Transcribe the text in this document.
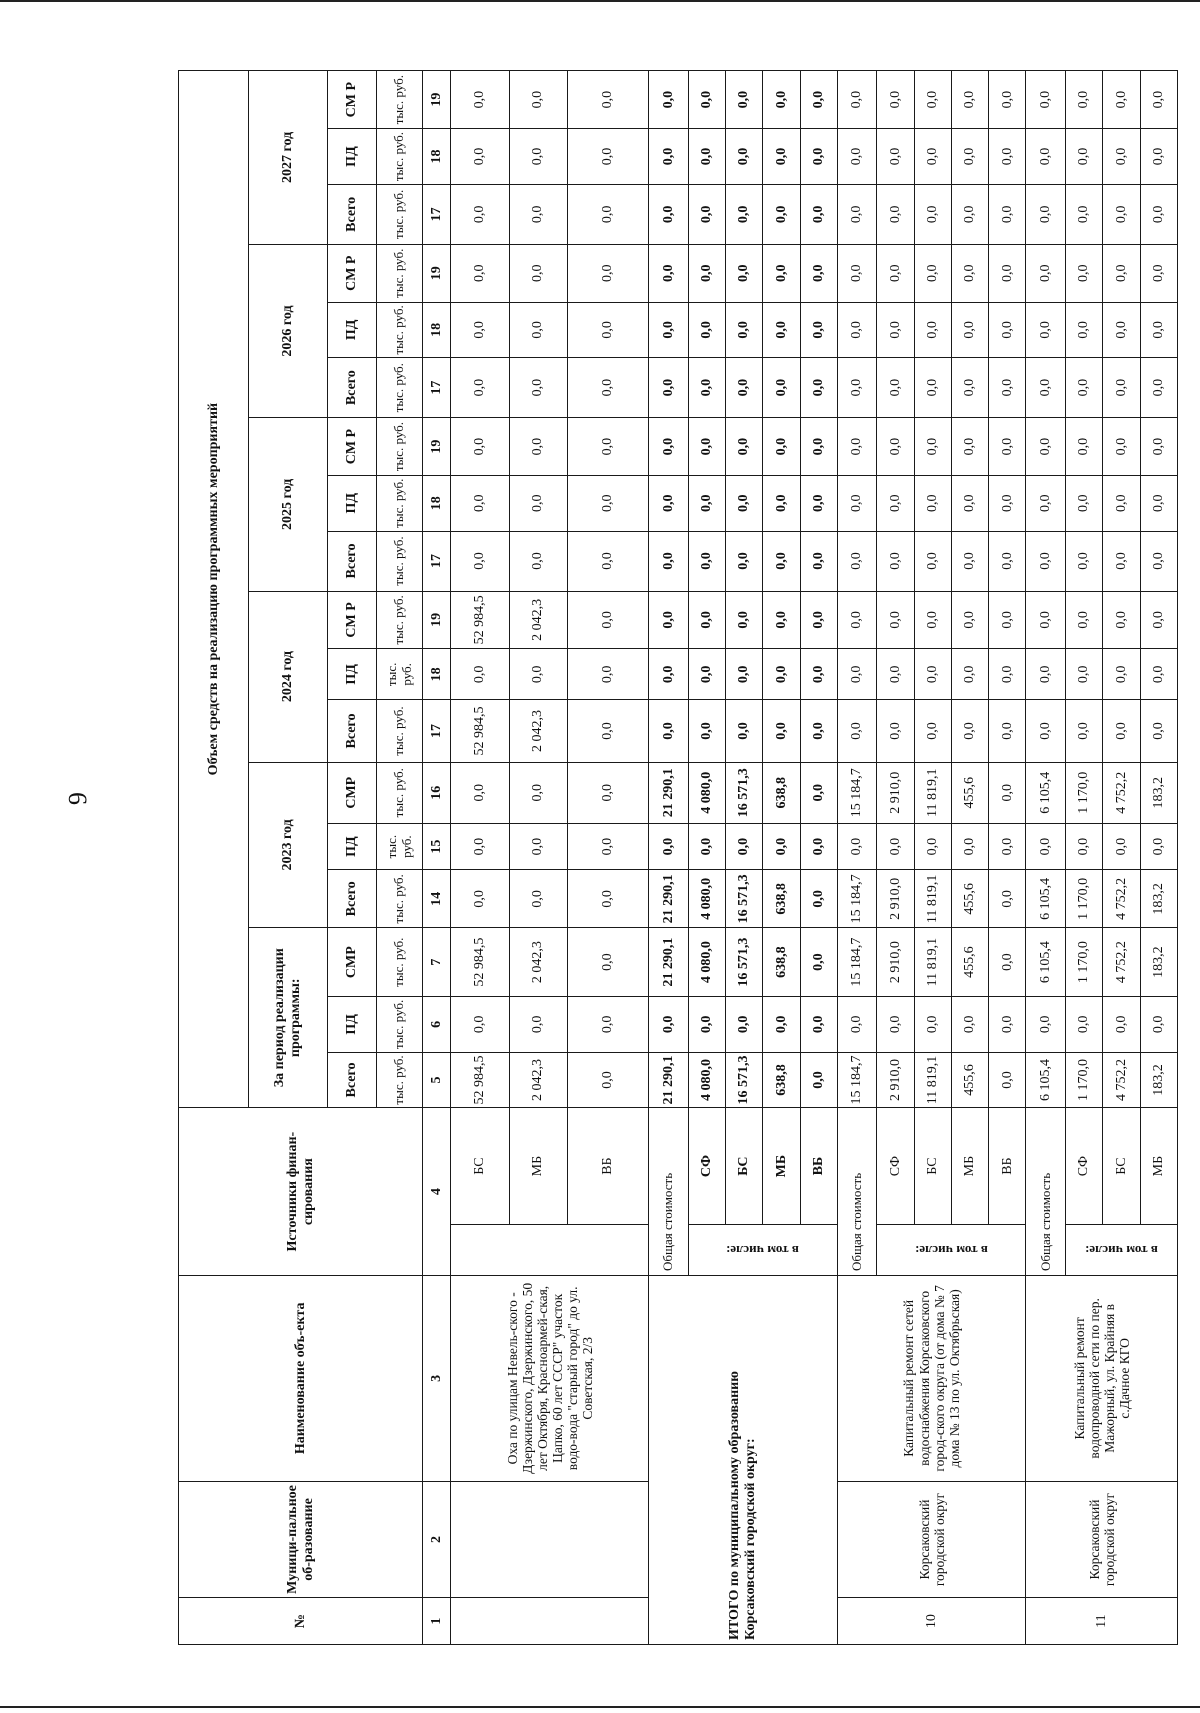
6
№	Муници-пальное об-разование	Наименование объ-екта	Источники финан-сирования		Объем средств на реализацию программных мероприятий																	
					За период реализации программы:			2023 год			2024 год			2025 год			2026 год			2027 год		
					Всего	ПД	СМР	Всего	ПД	СМР	Всего	ПД	СМ Р	Всего	ПД	СМ Р	Всего	ПД	СМ Р	Всего	ПД	СМ Р
					тыс. руб.	тыс. руб.	тыс. руб.	тыс. руб.	тыс. руб.	тыс. руб.	тыс. руб.	тыс. руб.	тыс. руб.	тыс. руб.	тыс. руб.	тыс. руб.	тыс. руб.	тыс. руб.	тыс. руб.	тыс. руб.	тыс. руб.	тыс. руб.
1	2	3	4		5	6	7	14	15	16	17	18	19	17	18	19	17	18	19	17	18	19
		Оха по улицам Невель-ского - Дзержинского, Дзержинского, 50 лет Октября, Красноармей-ская, Цапко, 60 лет СССР" участок водо-вода "старый город" до ул. Советская, 2/3		БС	52 984,5	0,0	52 984,5	0,0	0,0	0,0	52 984,5	0,0	52 984,5	0,0	0,0	0,0	0,0	0,0	0,0	0,0	0,0	0,0
				МБ	2 042,3	0,0	2 042,3	0,0	0,0	0,0	2 042,3	0,0	2 042,3	0,0	0,0	0,0	0,0	0,0	0,0	0,0	0,0	0,0
				ВБ	0,0	0,0	0,0	0,0	0,0	0,0	0,0	0,0	0,0	0,0	0,0	0,0	0,0	0,0	0,0	0,0	0,0	0,0
ИТОГО по муниципальному образованию Корсаковский городской округ:			Общая стоимость		21 290,1	0,0	21 290,1	21 290,1	0,0	21 290,1	0,0	0,0	0,0	0,0	0,0	0,0	0,0	0,0	0,0	0,0	0,0	0,0

			в том числе:	СФ	4 080,0	0,0	4 080,0	4 080,0	0,0	4 080,0	0,0	0,0	0,0	0,0	0,0	0,0	0,0	0,0	0,0	0,0	0,0	0,0
				БС	16 571,3	0,0	16 571,3	16 571,3	0,0	16 571,3	0,0	0,0	0,0	0,0	0,0	0,0	0,0	0,0	0,0	0,0	0,0	0,0
				МБ	638,8	0,0	638,8	638,8	0,0	638,8	0,0	0,0	0,0	0,0	0,0	0,0	0,0	0,0	0,0	0,0	0,0	0,0
				ВБ	0,0	0,0	0,0	0,0	0,0	0,0	0,0	0,0	0,0	0,0	0,0	0,0	0,0	0,0	0,0	0,0	0,0	0,0
10	Корсаковский городской округ	Капитальный ремонт сетей водоснабжения Корсаковского город-ского округа (от дома № 7 дома № 13 по ул. Октябрьская)	Общая стоимость		15 184,7	0,0	15 184,7	15 184,7	0,0	15 184,7	0,0	0,0	0,0	0,0	0,0	0,0	0,0	0,0	0,0	0,0	0,0	0,0

			в том числе:	СФ	2 910,0	0,0	2 910,0	2 910,0	0,0	2 910,0	0,0	0,0	0,0	0,0	0,0	0,0	0,0	0,0	0,0	0,0	0,0	0,0
				БС	11 819,1	0,0	11 819,1	11 819,1	0,0	11 819,1	0,0	0,0	0,0	0,0	0,0	0,0	0,0	0,0	0,0	0,0	0,0	0,0
				МБ	455,6	0,0	455,6	455,6	0,0	455,6	0,0	0,0	0,0	0,0	0,0	0,0	0,0	0,0	0,0	0,0	0,0	0,0
				ВБ	0,0	0,0	0,0	0,0	0,0	0,0	0,0	0,0	0,0	0,0	0,0	0,0	0,0	0,0	0,0	0,0	0,0	0,0
11	Корсаковский городской округ	Капитальный ремонт водопроводной сети по пер. Мажорный, ул. Крайняя в с.Дачное КГО	Общая стоимость		6 105,4	0,0	6 105,4	6 105,4	0,0	6 105,4	0,0	0,0	0,0	0,0	0,0	0,0	0,0	0,0	0,0	0,0	0,0	0,0

			в том числе:	СФ	1 170,0	0,0	1 170,0	1 170,0	0,0	1 170,0	0,0	0,0	0,0	0,0	0,0	0,0	0,0	0,0	0,0	0,0	0,0	0,0
				БС	4 752,2	0,0	4 752,2	4 752,2	0,0	4 752,2	0,0	0,0	0,0	0,0	0,0	0,0	0,0	0,0	0,0	0,0	0,0	0,0
				МБ	183,2	0,0	183,2	183,2	0,0	183,2	0,0	0,0	0,0	0,0	0,0	0,0	0,0	0,0	0,0	0,0	0,0	0,0
